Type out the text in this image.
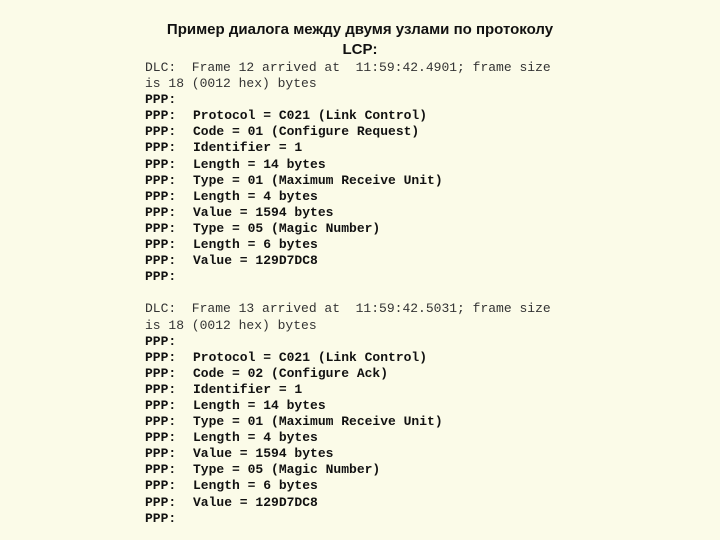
Пример диалога между двумя узлами по протоколу
LCP:
DLC:  Frame 12 arrived at  11:59:42.4901; frame size
is 18 (0012 hex) bytes
PPP:
PPP: Protocol = C021 (Link Control)
PPP: Code = 01 (Configure Request)
PPP: Identifier = 1
PPP: Length = 14 bytes
PPP: Type = 01 (Maximum Receive Unit)
PPP: Length = 4 bytes
PPP: Value = 1594 bytes
PPP: Type = 05 (Magic Number)
PPP: Length = 6 bytes
PPP: Value = 129D7DC8
PPP:
DLC:  Frame 13 arrived at  11:59:42.5031; frame size
is 18 (0012 hex) bytes
PPP:
PPP: Protocol = C021 (Link Control)
PPP: Code = 02 (Configure Ack)
PPP: Identifier = 1
PPP: Length = 14 bytes
PPP: Type = 01 (Maximum Receive Unit)
PPP: Length = 4 bytes
PPP: Value = 1594 bytes
PPP: Type = 05 (Magic Number)
PPP: Length = 6 bytes
PPP: Value = 129D7DC8
PPP:
